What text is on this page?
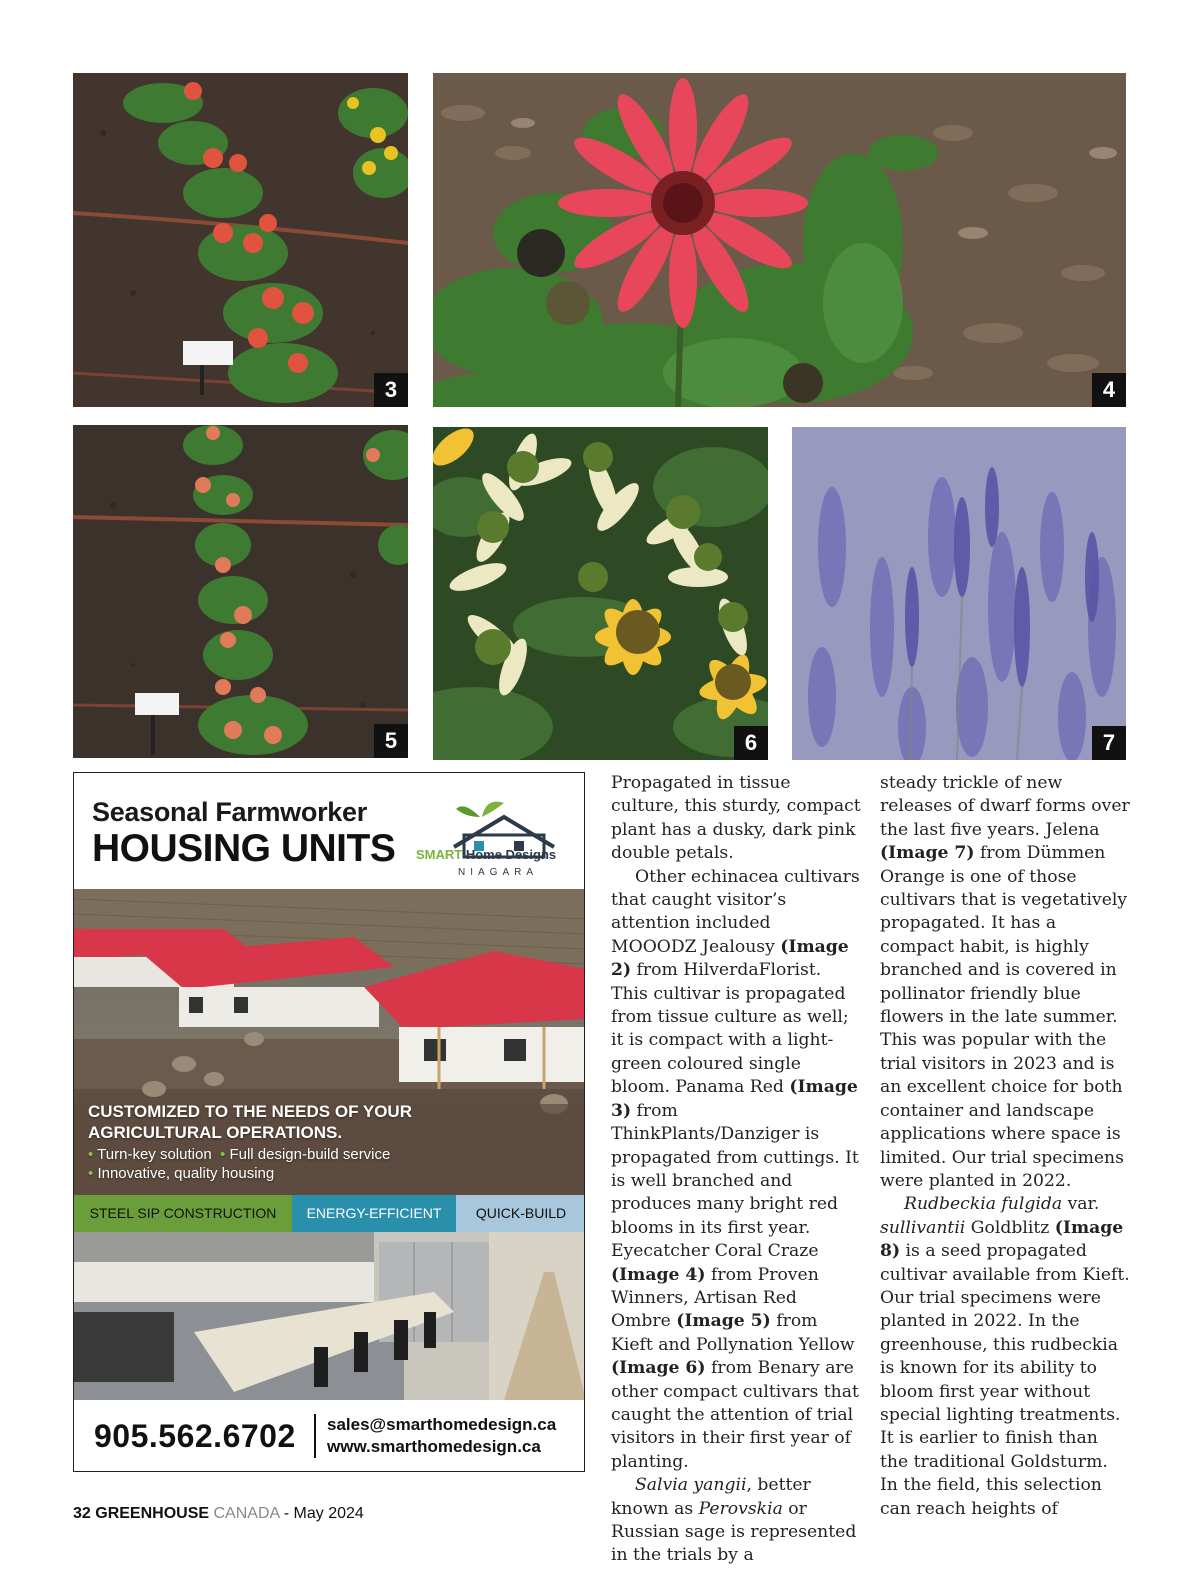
3	4
5	6	7
Seasonal Farmworker
HOUSING UNITS SMART Home Designs
NIAGARA
CUSTOMIZED TO THE NEEDS OF YOUR AGRICULTURAL OPERATIONS.
• Turn-key solution • Full design-build service
• Innovative, quality housing
STEEL SIP CONSTRUCTION	ENERGY-EFFICIENT	QUICK-BUILD
905.562.6702 sales@smarthomedesign.ca
www.smarthomedesign.ca

Propagated in tissue culture, this sturdy, compact plant has a dusky, dark pink double petals.

Other echinacea cultivars that caught visitor’s attention included MOOODZ Jealousy (Image 2) from HilverdaFlorist. This cultivar is propagated from tissue culture as well; it is compact with a light-green coloured single bloom. Panama Red (Image 3) from ThinkPlants/Danziger is propagated from cuttings. It is well branched and produces many bright red blooms in its first year. Eyecatcher Coral Craze (Image 4) from Proven Winners, Artisan Red Ombre (Image 5) from Kieft and Pollynation Yellow (Image 6) from Benary are other compact cultivars that caught the attention of trial visitors in their first year of planting.

Salvia yangii, better known as Perovskia or Russian sage is represented in the trials by a

steady trickle of new releases of dwarf forms over the last five years. Jelena (Image 7) from Dümmen Orange is one of those cultivars that is vegetatively propagated. It has a compact habit, is highly branched and is covered in pollinator friendly blue flowers in the late summer. This was popular with the trial visitors in 2023 and is an excellent choice for both container and landscape applications where space is limited. Our trial specimens were planted in 2022.

Rudbeckia fulgida var. sullivantii Goldblitz (Image 8) is a seed propagated cultivar available from Kieft. Our trial specimens were planted in 2022. In the greenhouse, this rudbeckia is known for its ability to bloom first year without special lighting treatments. It is earlier to finish than the traditional Goldsturm. In the field, this selection can reach heights of

32 GREENHOUSE CANADA - May 2024
